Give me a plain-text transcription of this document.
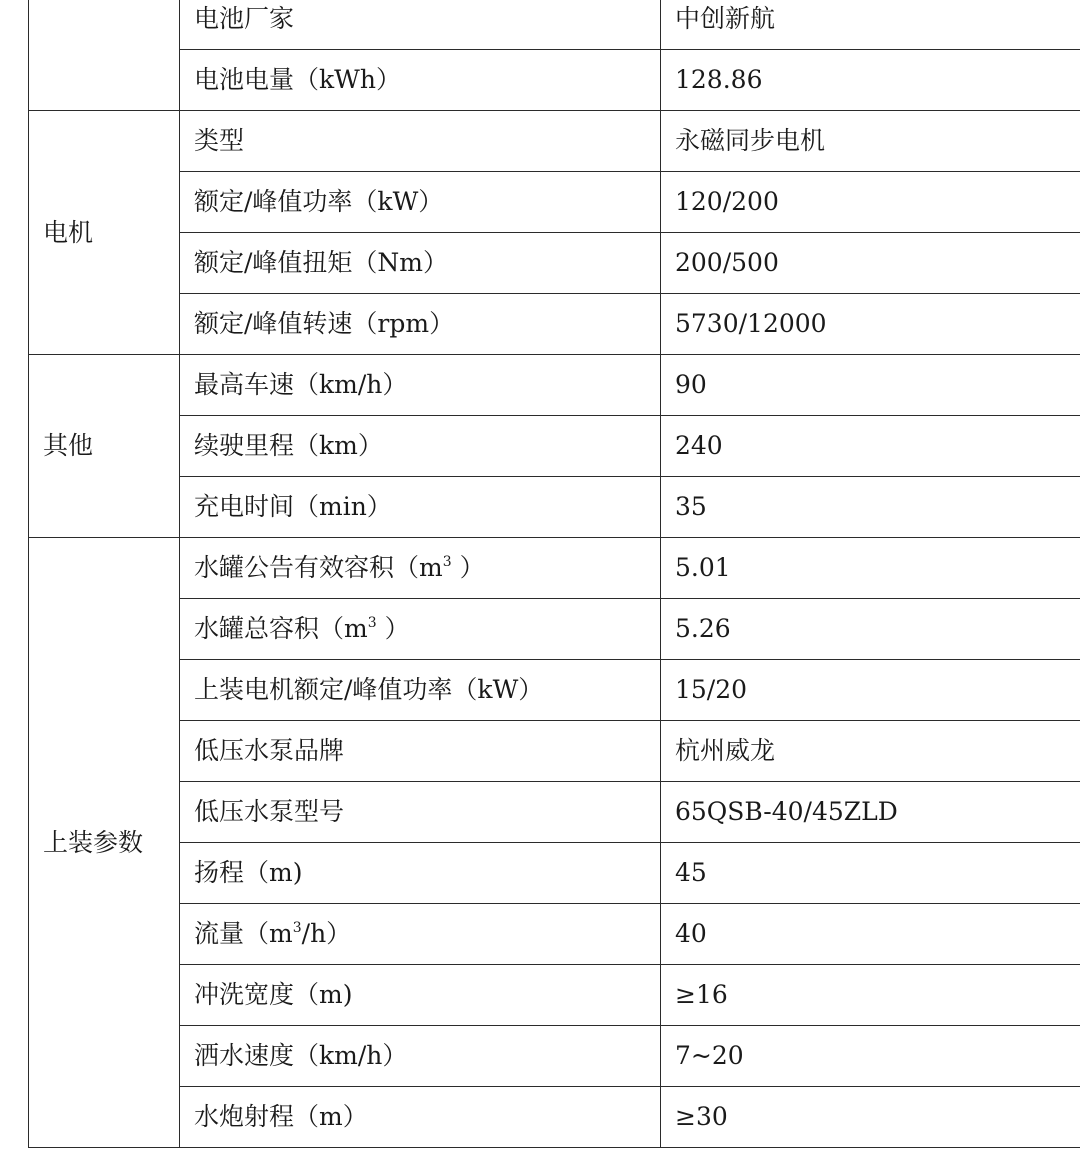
	电池厂家	中创新航
	电池电量（kWh）	128.86
电机	类型	永磁同步电机
	额定/峰值功率（kW）	120/200
	额定/峰值扭矩（Nm）	200/500
	额定/峰值转速（rpm）	5730/12000
其他	最高车速（km/h）	90
	续驶里程（km）	240
	充电时间（min）	35
上装参数	水罐公告有效容积（$m^3$ ）	5.01
	水罐总容积（$m^3$ ）	5.26
	上装电机额定/峰值功率（kW）	15/20
	低压水泵品牌	杭州威龙
	低压水泵型号	65QSB-40/45ZLD
	扬程（m)	45
	流量$(m^3/h)$	40
	冲洗宽度（m)	≥16
	洒水速度（km/h）	7~20
	水炮射程（m）	≥30
